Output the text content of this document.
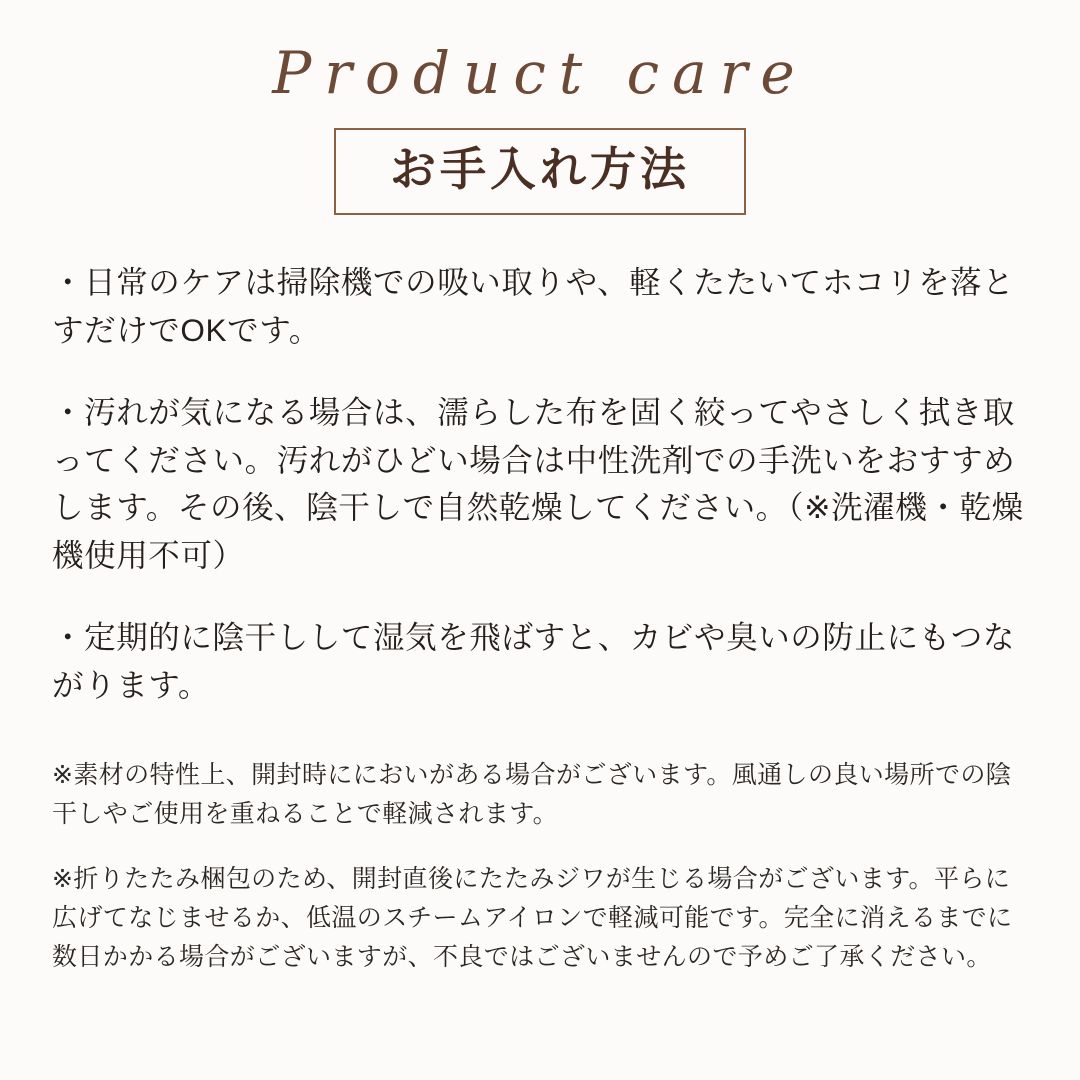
Product care
お手入れ方法

・日常のケアは掃除機での吸い取りや、軽くたたいてホコリを落とすだけでOKです。

・汚れが気になる場合は、濡らした布を固く絞ってやさしく拭き取ってください。汚れがひどい場合は中性洗剤での手洗いをおすすめします。その後、陰干しで自然乾燥してください。（※洗濯機・乾燥機使用不可）

・定期的に陰干しして湿気を飛ばすと、カビや臭いの防止にもつながります。

※素材の特性上、開封時ににおいがある場合がございます。風通しの良い場所での陰干しやご使用を重ねることで軽減されます。

※折りたたみ梱包のため、開封直後にたたみジワが生じる場合がございます。平らに広げてなじませるか、低温のスチームアイロンで軽減可能です。完全に消えるまでに数日かかる場合がございますが、不良ではございませんので予めご了承ください。
